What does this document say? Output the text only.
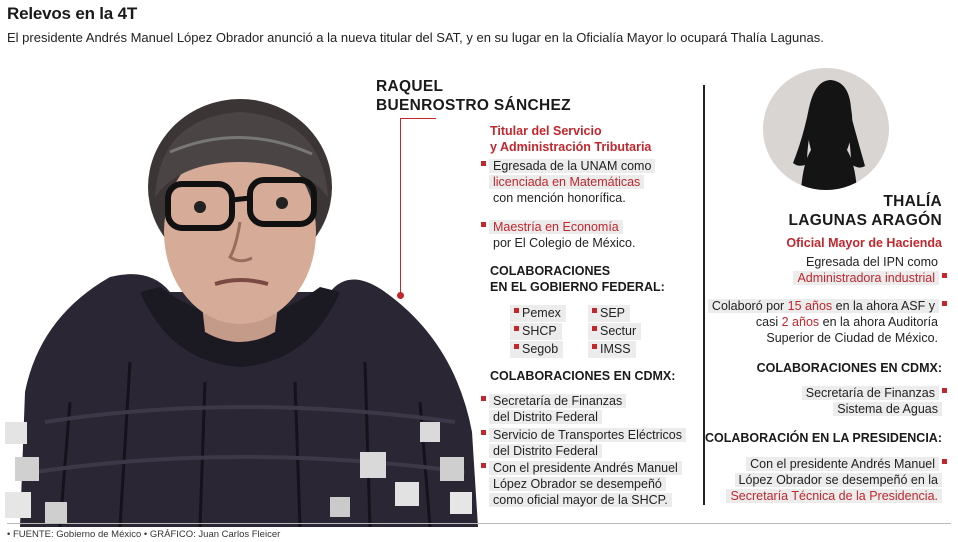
Relevos en la 4T
El presidente Andrés Manuel López Obrador anunció a la nueva titular del SAT, y en su lugar en la Oficialía Mayor lo ocupará Thalía Lagunas.
RAQUEL
BUENROSTRO SÁNCHEZ
Titular del Servicio
y Administración Tributaria
Egresada de la UNAM como
licenciada en Matemáticas
con mención honorífica.
Maestría en Economía
por El Colegio de México.
COLABORACIONES
EN EL GOBIERNO FEDERAL:
Pemex
SHCP
Segob
SEP
Sectur
IMSS
COLABORACIONES EN CDMX:
Secretaría de Finanzas
del Distrito Federal
Servicio de Transportes Eléctricos
del Distrito Federal
Con el presidente Andrés Manuel
López Obrador se desempeñó
como oficial mayor de la SHCP.
THALÍA
LAGUNAS ARAGÓN
Oficial Mayor de Hacienda
Egresada del IPN como
Administradora industrial
Colaboró por 15 años en la ahora ASF y
casi 2 años en la ahora Auditoría
Superior de Ciudad de México.
COLABORACIONES EN CDMX:
Secretaría de Finanzas
Sistema de Aguas
COLABORACIÓN EN LA PRESIDENCIA:
Con el presidente Andrés Manuel
López Obrador se desempeñó en la
Secretaría Técnica de la Presidencia.
• FUENTE: Gobierno de México • GRÁFICO: Juan Carlos Fleicer
